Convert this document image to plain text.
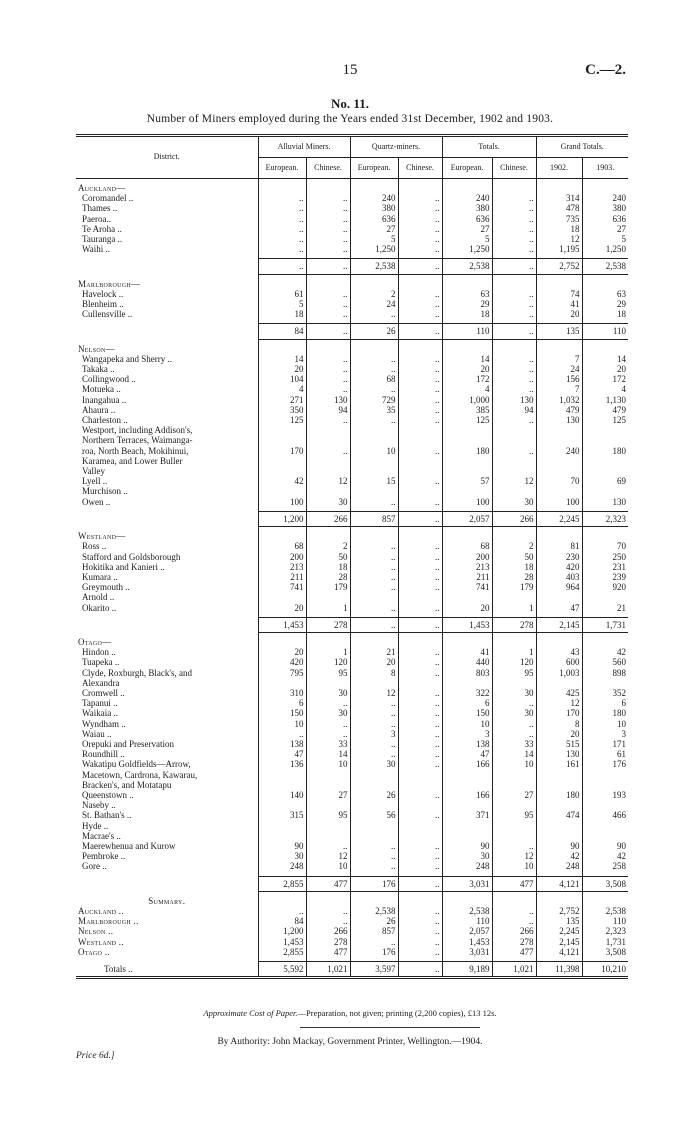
15	C.—2.
No. 11.
Number of Miners employed during the Years ended 31st December, 1902 and 1903.
District.	Alluvial Miners.		Quartz-miners.		Totals.		Grand Totals.	
	European.	Chinese.	European.	Chinese.	European.	Chinese.	1902.	1903.

Auckland—								
Coromandel ..	..	..	240	..	240	..	314	240
Thames ..	..	..	380	..	380	..	478	380
Paeroa..	..	..	636	..	636	..	735	636
Te Aroha ..	..	..	27	..	27	..	18	27
Tauranga ..	..	..	5	..	5	..	12	5
Waihi ..	..	..	1,250	..	1,250	..	1,195	1,250

	..	..	2,538	..	2,538	..	2,752	2,538

Marlborough—								
Havelock ..	61	..	2	..	63	..	74	63
Blenheim ..	5	..	24	..	29	..	41	29
Cullensville ..	18	..	..	..	18	..	20	18

	84	..	26	..	110	..	135	110

Nelson—								
Wangapeka and Sherry ..	14	..	..	..	14	..	7	14
Takaka ..	20	..	..	..	20	..	24	20
Collingwood ..	104	..	68	..	172	..	156	172
Motueka ..	4	..	..	..	4	..	7	4
Inangahua ..	271	130	729	..	1,000	130	1,032	1,130
Ahaura ..	350	94	35	..	385	94	479	479
Charleston ..	125	..	..	..	125	..	130	125
Westport, including Addison's,								
Northern Terraces, Waimanga-								
roa, North Beach, Mokihinui,	170	..	10	..	180	..	240	180
Karamea, and Lower Buller								
Valley								
Lyell ..	42	12	15	..	57	12	70	69
Murchison ..								
Owen ..	100	30	..	..	100	30	100	130

	1,200	266	857	..	2,057	266	2,245	2,323

Westland—								
Ross ..	68	2	..	..	68	2	81	70
Stafford and Goldsborough	200	50	..	..	200	50	230	250
Hokitika and Kanieri ..	213	18	..	..	213	18	420	231
Kumara ..	211	28	..	..	211	28	403	239
Greymouth ..	741	179	..	..	741	179	964	920
Arnold ..								
Okarito ..	20	1	..	..	20	1	47	21

	1,453	278	..	..	1,453	278	2,145	1,731

Otago—								
Hindon ..	20	1	21	..	41	1	43	42
Tuapeka ..	420	120	20	..	440	120	600	560
Clyde, Roxburgh, Black's, and	795	95	8	..	803	95	1,003	898
Alexandra								
Cromwell ..	310	30	12	..	322	30	425	352
Tapanui ..	6	..	..	..	6	..	12	6
Waikaia ..	150	30	..	..	150	30	170	180
Wyndham ..	10	..	..	..	10	..	8	10
Waiau ..	..	..	3	..	3	..	20	3
Orepuki and Preservation	138	33	..	..	138	33	515	171
Roundhill ..	47	14	..	..	47	14	130	61
Wakatipu Goldfields—Arrow,	136	10	30	..	166	10	161	176
Macetown, Cardrona, Kawarau,								
Bracken's, and Motatapu								
Queenstown ..	140	27	26	..	166	27	180	193
Naseby ..								
St. Bathan's ..	315	95	56	..	371	95	474	466
Hyde ..								
Macrae's ..								
Maerewhenua and Kurow	90	..	..	..	90	..	90	90
Pembroke ..	30	12	..	..	30	12	42	42
Gore ..	248	10	..	..	248	10	248	258

	2,855	477	176	..	3,031	477	4,121	3,508

Summary.								
Auckland ..	..	..	2,538	..	2,538	..	2,752	2,538
Marlborough ..	84	..	26	..	110	..	135	110
Nelson ..	1,200	266	857	..	2,057	266	2,245	2,323
Westland ..	1,453	278	..	..	1,453	278	2,145	1,731
Otago ..	2,855	477	176	..	3,031	477	4,121	3,508

Totals ..	5,592	1,021	3,597	..	9,189	1,021	11,398	10,210
Approximate Cost of Paper.—Preparation, not given; printing (2,200 copies), £13 12s.
By Authority: John Mackay, Government Printer, Wellington.—1904.
Price 6d.]
